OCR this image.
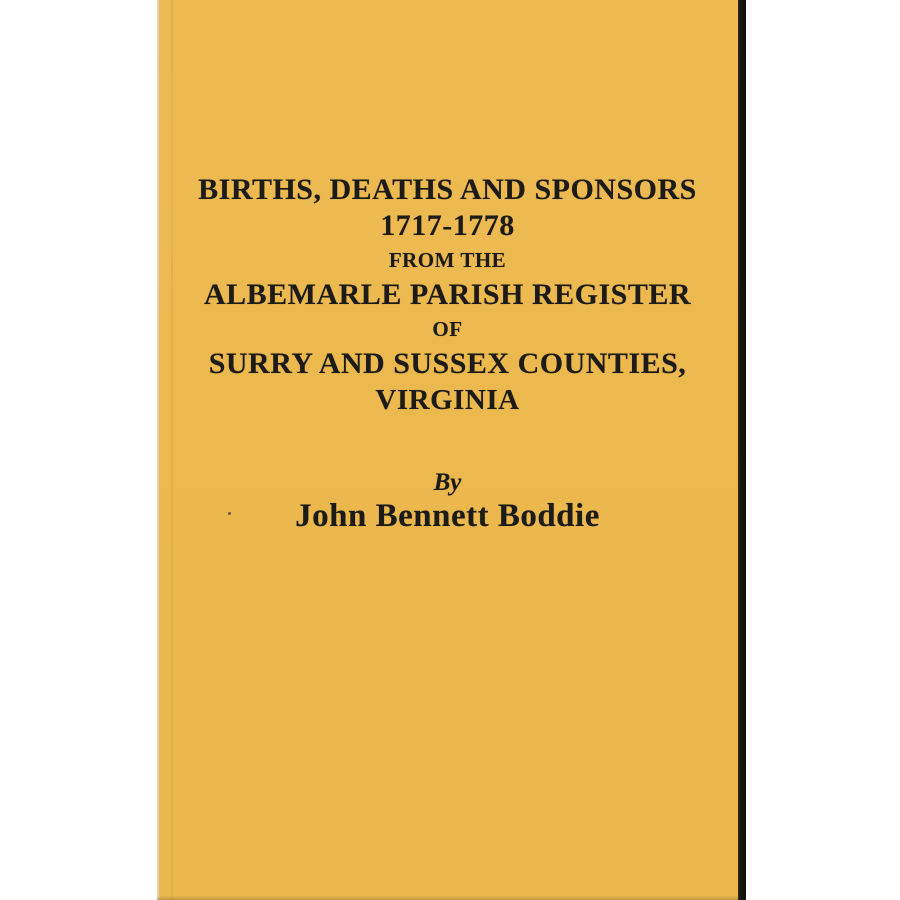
BIRTHS, DEATHS AND SPONSORS
1717-1778
FROM THE
ALBEMARLE PARISH REGISTER
OF
SURRY AND SUSSEX COUNTIES,
VIRGINIA
By
John Bennett Boddie
